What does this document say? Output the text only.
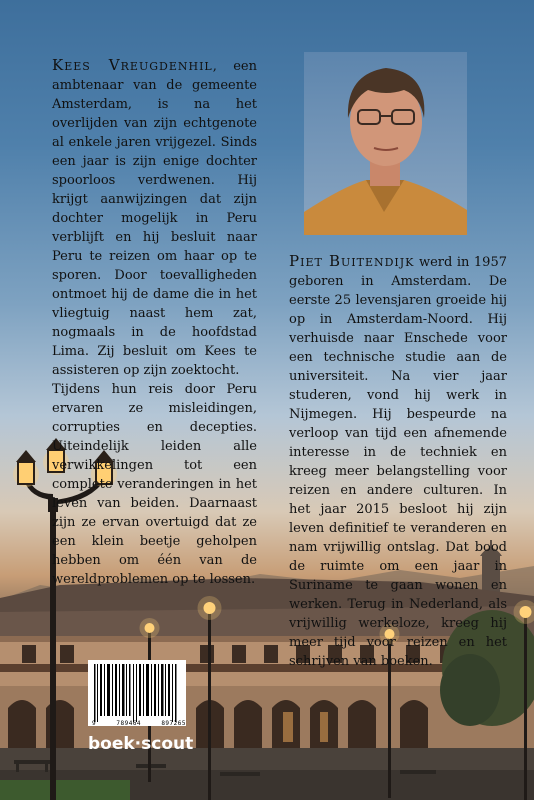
Kees Vreugdenhil, een ambtenaar van de gemeente Amsterdam, is na het overlijden van zijn echtgenote al enkele jaren vrijgezel. Sinds een jaar is zijn enige dochter spoorloos verdwenen. Hij krijgt aanwijzingen dat zijn dochter mogelijk in Peru verblijft en hij besluit naar Peru te reizen om haar op te sporen. Door toevalligheden ontmoet hij de dame die in het vliegtuig naast hem zat, nogmaals in de hoofdstad Lima. Zij besluit om Kees te assisteren op zijn zoektocht.

Tijdens hun reis door Peru ervaren ze misleidingen, corrupties en decepties. Uiteindelijk leiden alle verwikkelingen tot een complete veranderingen in het leven van beiden. Daarnaast zijn ze ervan overtuigd dat ze een klein beetje geholpen hebben om één van de wereldproblemen op te lossen.

Piet Buitendijk werd in 1957 geboren in Amsterdam. De eerste 25 levensjaren groeide hij op in Amsterdam-Noord. Hij verhuisde naar Enschede voor een technische studie aan de universiteit. Na vier jaar studeren, vond hij werk in Nijmegen. Hij bespeurde na verloop van tijd een afnemende interesse in de techniek en kreeg meer belangstelling voor reizen en andere culturen. In het jaar 2015 besloot hij zijn leven definitief te veranderen en nam vrijwillig ontslag. Dat bood de ruimte om een jaar in Suriname te gaan wonen en werken. Terug in Nederland, als vrijwillig werkeloze, kreeg hij meer tijd voor reizen en het schrijven van boeken.

9	789464	897265
boek·scout
